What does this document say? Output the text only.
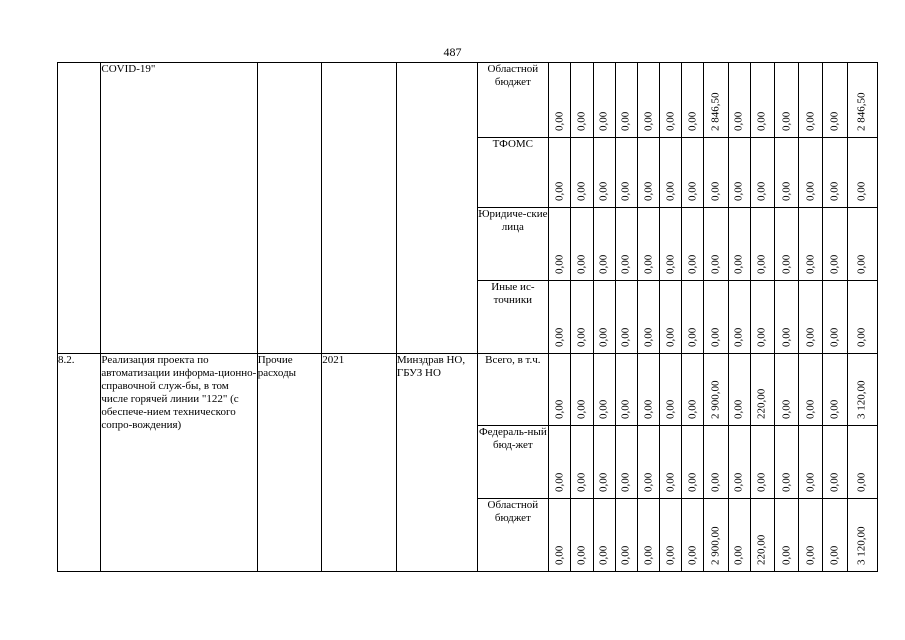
487
	COVID-19"				Областной бюджет	0,00	0,00	0,00	0,00	0,00	0,00	0,00	2 846,50	0,00	0,00	0,00	0,00	0,00	2 846,50

					ТФОМС	0,00	0,00	0,00	0,00	0,00	0,00	0,00	0,00	0,00	0,00	0,00	0,00	0,00	0,00

					Юридиче-ские лица	0,00	0,00	0,00	0,00	0,00	0,00	0,00	0,00	0,00	0,00	0,00	0,00	0,00	0,00

					Иные ис-точники	0,00	0,00	0,00	0,00	0,00	0,00	0,00	0,00	0,00	0,00	0,00	0,00	0,00	0,00

8.2.	Реализация проекта по автоматизации информа-ционно-справочной служ-бы, в том числе горячей линии "122" (с обеспече-нием технического сопро-вождения)	Прочие расходы	2021	Минздрав НО, ГБУЗ НО	Всего, в т.ч.	0,00	0,00	0,00	0,00	0,00	0,00	0,00	2 900,00	0,00	220,00	0,00	0,00	0,00	3 120,00

					Федераль-ный бюд-жет	0,00	0,00	0,00	0,00	0,00	0,00	0,00	0,00	0,00	0,00	0,00	0,00	0,00	0,00

					Областной бюджет	0,00	0,00	0,00	0,00	0,00	0,00	0,00	2 900,00	0,00	220,00	0,00	0,00	0,00	3 120,00
